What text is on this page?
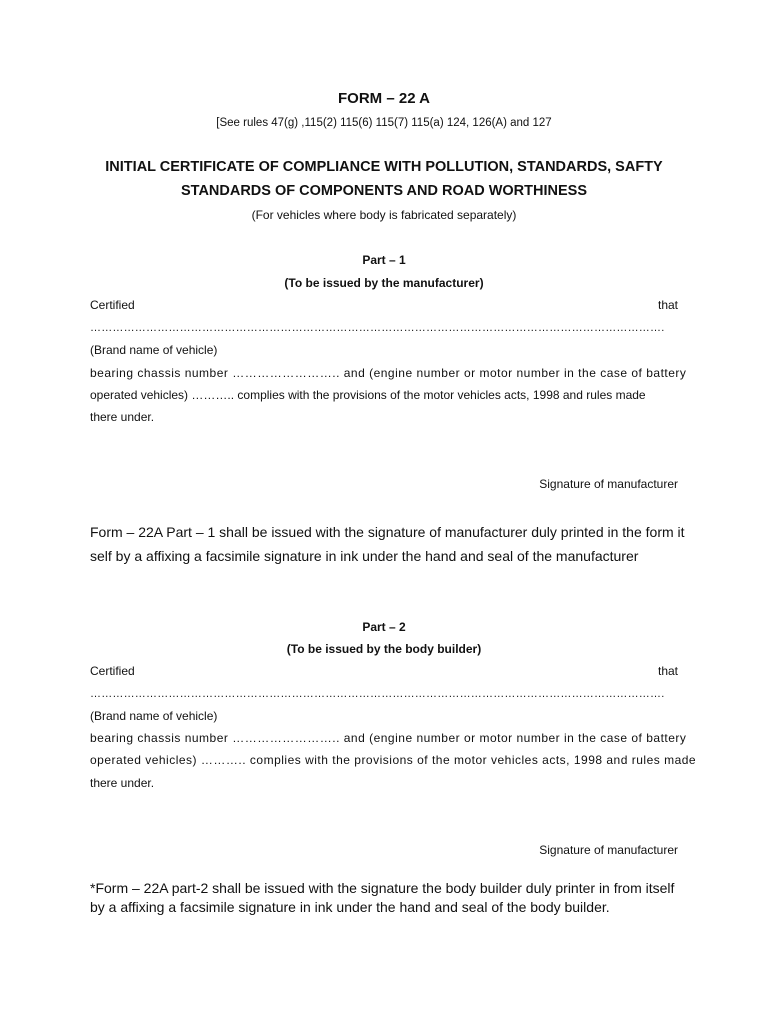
FORM – 22 A
[See rules 47(g) ,115(2) 115(6) 115(7) 115(a) 124, 126(A) and 127
INITIAL CERTIFICATE OF COMPLIANCE WITH POLLUTION, STANDARDS, SAFTY
STANDARDS OF COMPONENTS AND ROAD WORTHINESS
(For vehicles where body is fabricated separately)
Part – 1
(To be issued by the manufacturer)
Certified	that
……………………………………………………………………………………………………………………………………….
(Brand name of vehicle)
bearing chassis number …………………….. and (engine number or motor number in the case of battery
operated vehicles) ……….. complies with the provisions of the motor vehicles acts, 1998 and rules made
there under.
Signature of manufacturer
Form – 22A Part – 1 shall be issued with the signature of manufacturer duly printed in the form it
self by a affixing a facsimile signature in ink under the hand and seal of the manufacturer
Part – 2
(To be issued by the body builder)
Certified	that
……………………………………………………………………………………………………………………………………….
(Brand name of vehicle)
bearing chassis number …………………….. and (engine number or motor number in the case of battery
operated vehicles) ……….. complies with the provisions of the motor vehicles acts, 1998 and rules made
there under.
Signature of manufacturer
*Form – 22A part-2 shall be issued with the signature the body builder duly printer in from itself
by a affixing a facsimile signature in ink under the hand and seal of the body builder.
